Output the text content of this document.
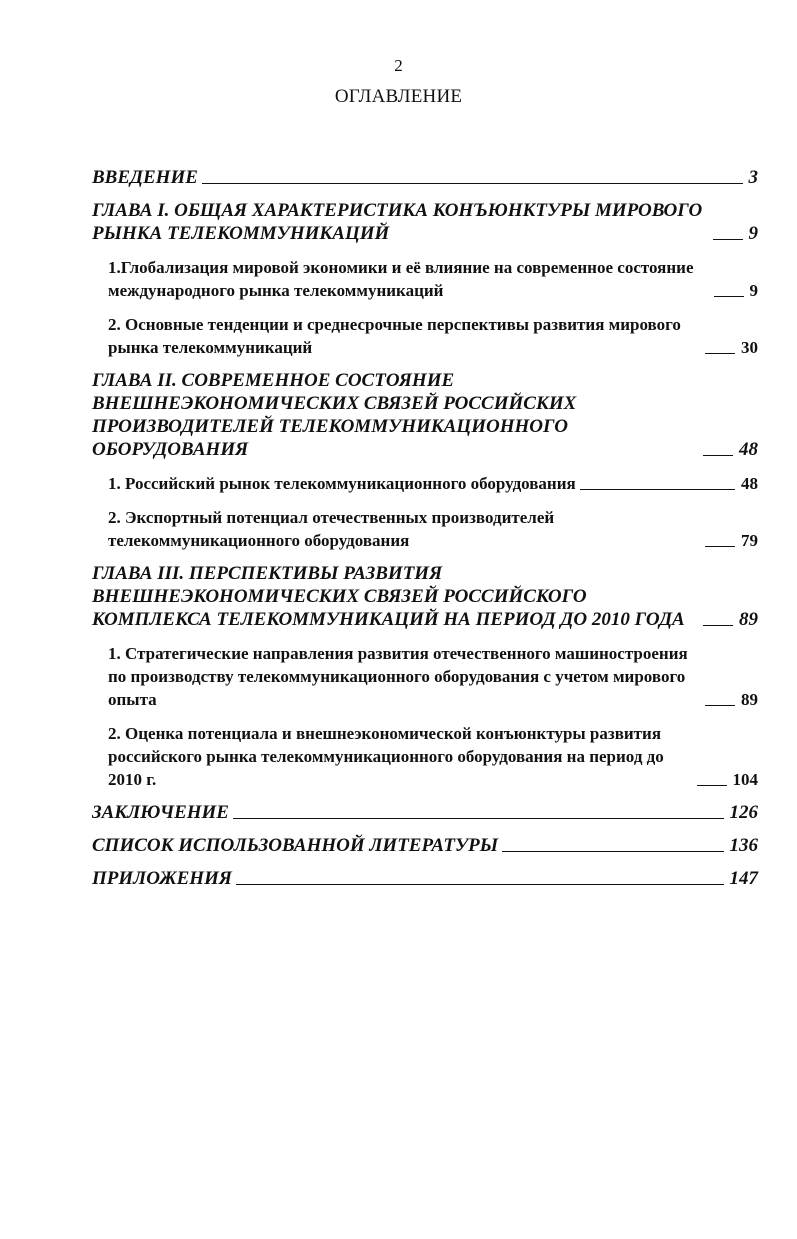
2
ОГЛАВЛЕНИЕ
ВВЕДЕНИЕ	3
ГЛАВА I. ОБЩАЯ ХАРАКТЕРИСТИКА КОНЪЮНКТУРЫ МИРОВОГО РЫНКА ТЕЛЕКОММУНИКАЦИЙ	9
1.Глобализация мировой экономики и её влияние на современное состояние международного рынка телекоммуникаций	9
2. Основные тенденции и среднесрочные перспективы развития мирового рынка телекоммуникаций	30
ГЛАВА II. СОВРЕМЕННОЕ СОСТОЯНИЕ ВНЕШНЕЭКОНОМИЧЕСКИХ СВЯЗЕЙ РОССИЙСКИХ ПРОИЗВОДИТЕЛЕЙ ТЕЛЕКОММУНИКАЦИОННОГО ОБОРУДОВАНИЯ	48
1. Российский рынок телекоммуникационного оборудования	48
2. Экспортный потенциал отечественных производителей телекоммуникационного оборудования	79
ГЛАВА III. ПЕРСПЕКТИВЫ РАЗВИТИЯ ВНЕШНЕЭКОНОМИЧЕСКИХ СВЯЗЕЙ РОССИЙСКОГО КОМПЛЕКСА ТЕЛЕКОММУНИКАЦИЙ НА ПЕРИОД ДО 2010 ГОДА	89
1. Стратегические направления развития отечественного машиностроения по производству телекоммуникационного оборудования с учетом мирового опыта	89
2. Оценка потенциала и внешнеэкономической конъюнктуры развития российского рынка телекоммуникационного оборудования на период до 2010 г.	104
ЗАКЛЮЧЕНИЕ	126
СПИСОК ИСПОЛЬЗОВАННОЙ ЛИТЕРАТУРЫ	136
ПРИЛОЖЕНИЯ	147
